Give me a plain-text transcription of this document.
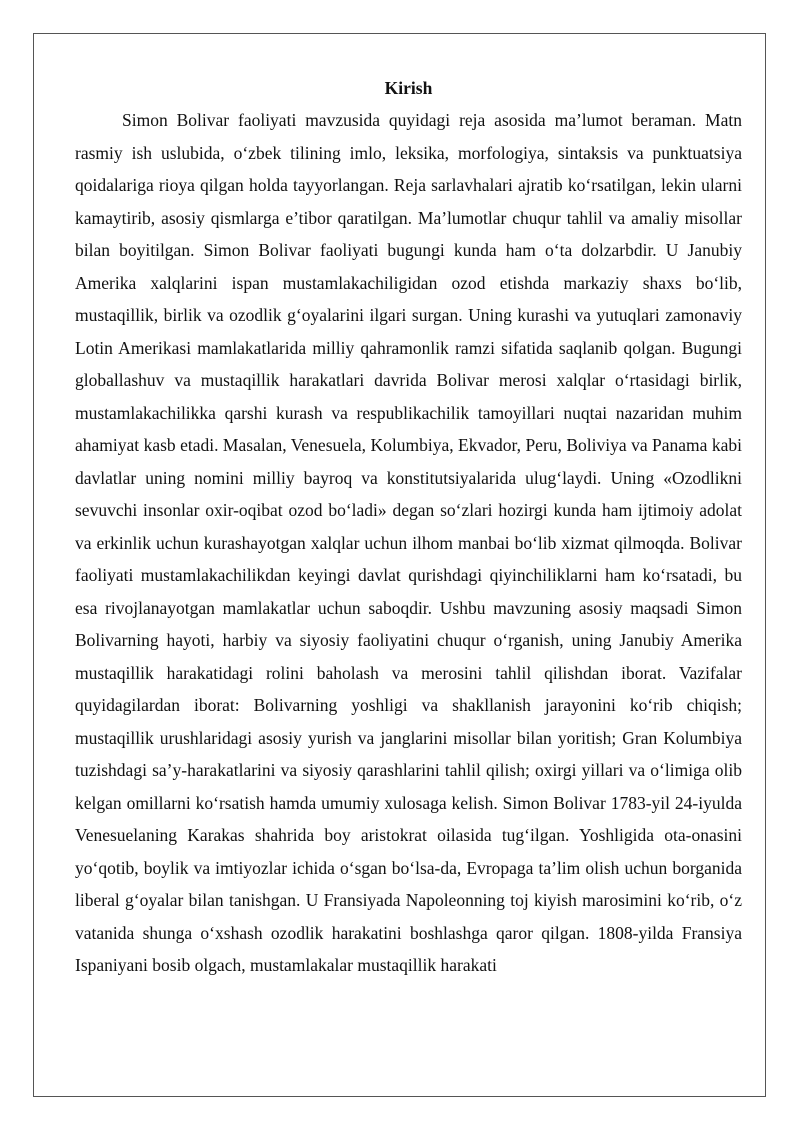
Kirish

Simon Bolivar faoliyati mavzusida quyidagi reja asosida ma’lumot beraman. Matn rasmiy ish uslubida, o‘zbek tilining imlo, leksika, morfologiya, sintaksis va punktuatsiya qoidalariga rioya qilgan holda tayyorlangan. Reja sarlavhalari ajratib ko‘rsatilgan, lekin ularni kamaytirib, asosiy qismlarga e’tibor qaratilgan. Ma’lumotlar chuqur tahlil va amaliy misollar bilan boyitilgan. Simon Bolivar faoliyati bugungi kunda ham o‘ta dolzarbdir. U Janubiy Amerika xalqlarini ispan mustamlakachiligidan ozod etishda markaziy shaxs bo‘lib, mustaqillik, birlik va ozodlik g‘oyalarini ilgari surgan. Uning kurashi va yutuqlari zamonaviy Lotin Amerikasi mamlakatlarida milliy qahramonlik ramzi sifatida saqlanib qolgan. Bugungi globallashuv va mustaqillik harakatlari davrida Bolivar merosi xalqlar o‘rtasidagi birlik, mustamlakachilikka qarshi kurash va respublikachilik tamoyillari nuqtai nazaridan muhim ahamiyat kasb etadi. Masalan, Venesuela, Kolumbiya, Ekvador, Peru, Boliviya va Panama kabi davlatlar uning nomini milliy bayroq va konstitutsiyalarida ulug‘laydi. Uning «Ozodlikni sevuvchi insonlar oxir-oqibat ozod bo‘ladi» degan so‘zlari hozirgi kunda ham ijtimoiy adolat va erkinlik uchun kurashayotgan xalqlar uchun ilhom manbai bo‘lib xizmat qilmoqda. Bolivar faoliyati mustamlakachilikdan keyingi davlat qurishdagi qiyinchiliklarni ham ko‘rsatadi, bu esa rivojlanayotgan mamlakatlar uchun saboqdir. Ushbu mavzuning asosiy maqsadi Simon Bolivarning hayoti, harbiy va siyosiy faoliyatini chuqur o‘rganish, uning Janubiy Amerika mustaqillik harakatidagi rolini baholash va merosini tahlil qilishdan iborat. Vazifalar quyidagilardan iborat: Bolivarning yoshligi va shakllanish jarayonini ko‘rib chiqish; mustaqillik urushlaridagi asosiy yurish va janglarini misollar bilan yoritish; Gran Kolumbiya tuzishdagi sa’y-harakatlarini va siyosiy qarashlarini tahlil qilish; oxirgi yillari va o‘limiga olib kelgan omillarni ko‘rsatish hamda umumiy xulosaga kelish. Simon Bolivar 1783-yil 24-iyulda Venesuelaning Karakas shahrida boy aristokrat oilasida tug‘ilgan. Yoshligida ota-onasini yo‘qotib, boylik va imtiyozlar ichida o‘sgan bo‘lsa-da, Evropaga ta’lim olish uchun borganida liberal g‘oyalar bilan tanishgan. U Fransiyada Napoleonning toj kiyish marosimini ko‘rib, o‘z vatanida shunga o‘xshash ozodlik harakatini boshlashga qaror qilgan. 1808-yilda Fransiya Ispaniyani bosib olgach, mustamlakalar mustaqillik harakati
